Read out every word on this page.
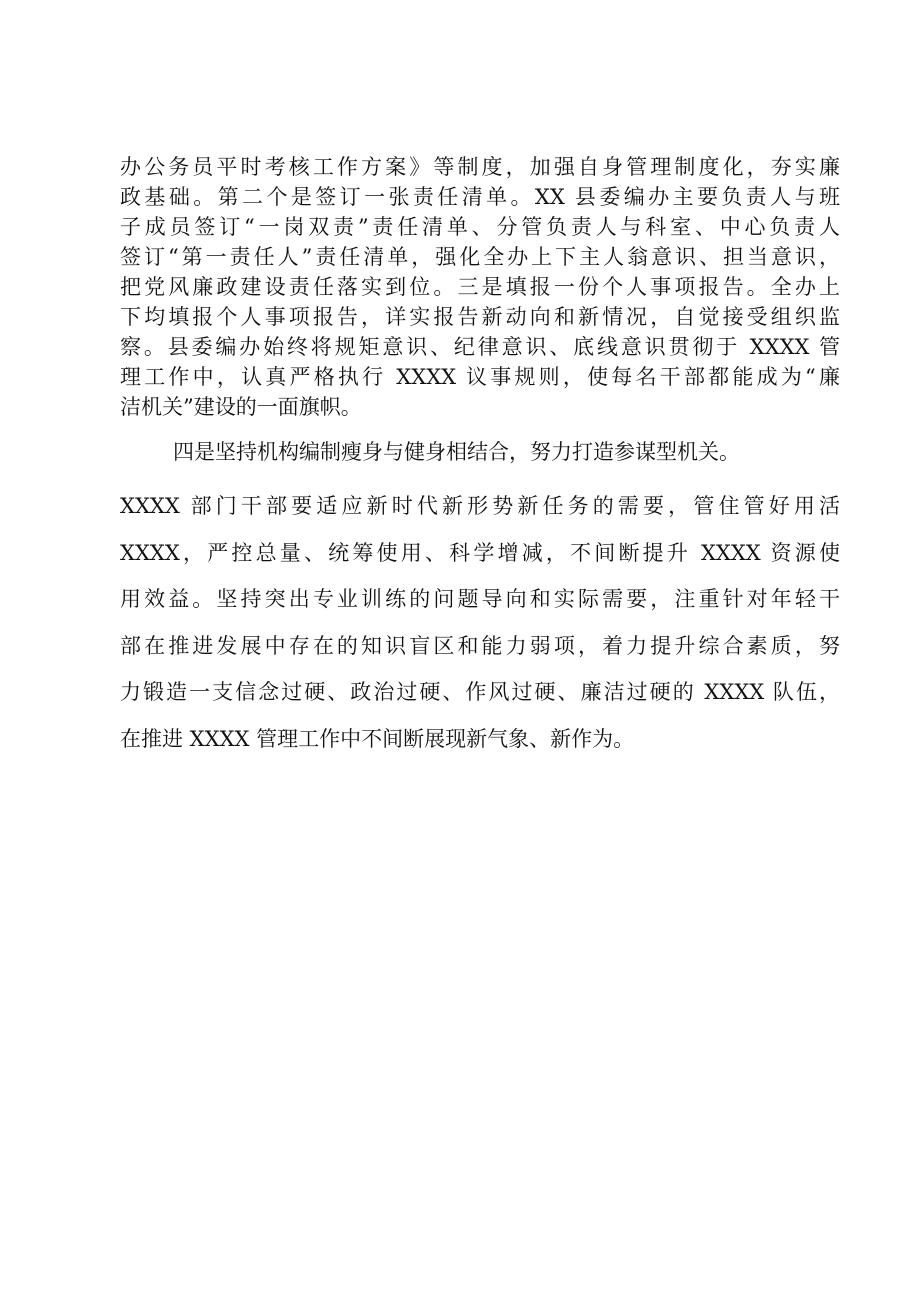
办公务员平时考核工作方案》等制度，加强自身管理制度化，夯实廉
政基础。第二个是签订一张责任清单。XX 县委编办主要负责人与班
子成员签订“一岗双责”责任清单、分管负责人与科室、中心负责人
签订“第一责任人”责任清单，强化全办上下主人翁意识、担当意识，
把党风廉政建设责任落实到位。三是填报一份个人事项报告。全办上
下均填报个人事项报告，详实报告新动向和新情况，自觉接受组织监
察。县委编办始终将规矩意识、纪律意识、底线意识贯彻于 XXXX 管
理工作中，认真严格执行 XXXX 议事规则，使每名干部都能成为“廉
洁机关”建设的一面旗帜。
四是坚持机构编制瘦身与健身相结合，努力打造参谋型机关。
XXXX 部门干部要适应新时代新形势新任务的需要，管住管好用活
XXXX，严控总量、统筹使用、科学增减，不间断提升 XXXX 资源使
用效益。坚持突出专业训练的问题导向和实际需要，注重针对年轻干
部在推进发展中存在的知识盲区和能力弱项，着力提升综合素质，努
力锻造一支信念过硬、政治过硬、作风过硬、廉洁过硬的 XXXX 队伍，
在推进 XXXX 管理工作中不间断展现新气象、新作为。
